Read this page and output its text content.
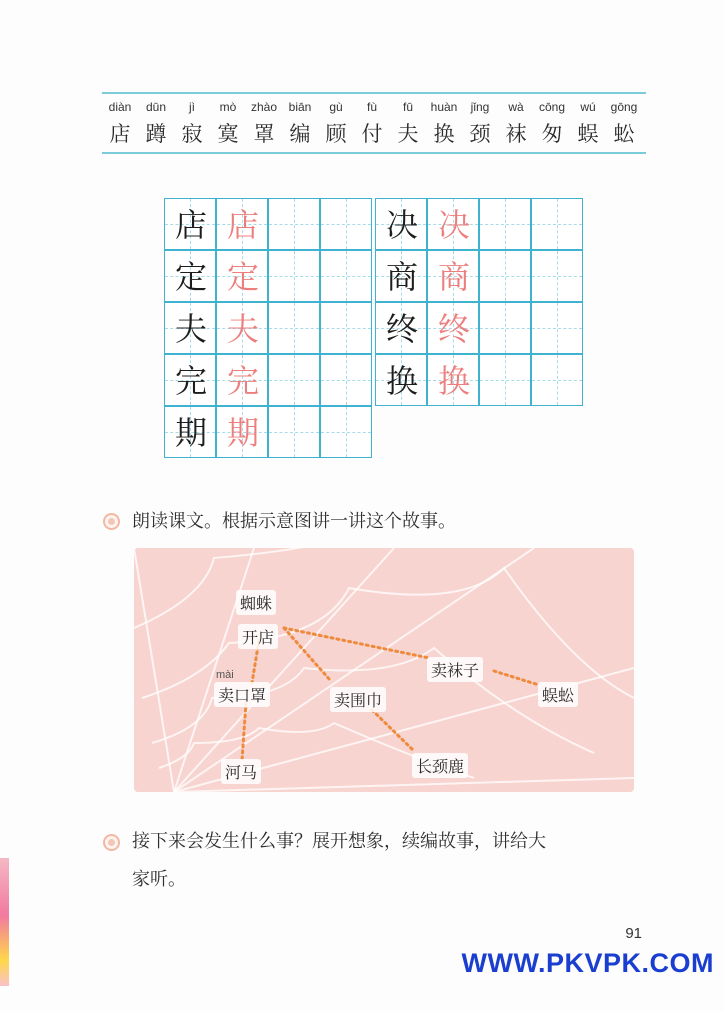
diàn
店
dūn
蹲
jì
寂
mò
寞
zhào
罩
biān
编
gù
顾
fù
付
fū
夫
huàn
换
jǐng
颈
wà
袜
cōng
匆
wú
蜈
gōng
蚣
店 店
定 定
夫 夫
完 完
期 期
决 决
商 商
终 终
换 换
朗读课文。根据示意图讲一讲这个故事。
蜘蛛
开店
mài
卖口罩	卖围巾
卖袜子
河马	长颈鹿
蜈蚣
接下来会发生什么事？展开想象，续编故事，讲给大
家听。
91
WWW.PKVPK.COM
